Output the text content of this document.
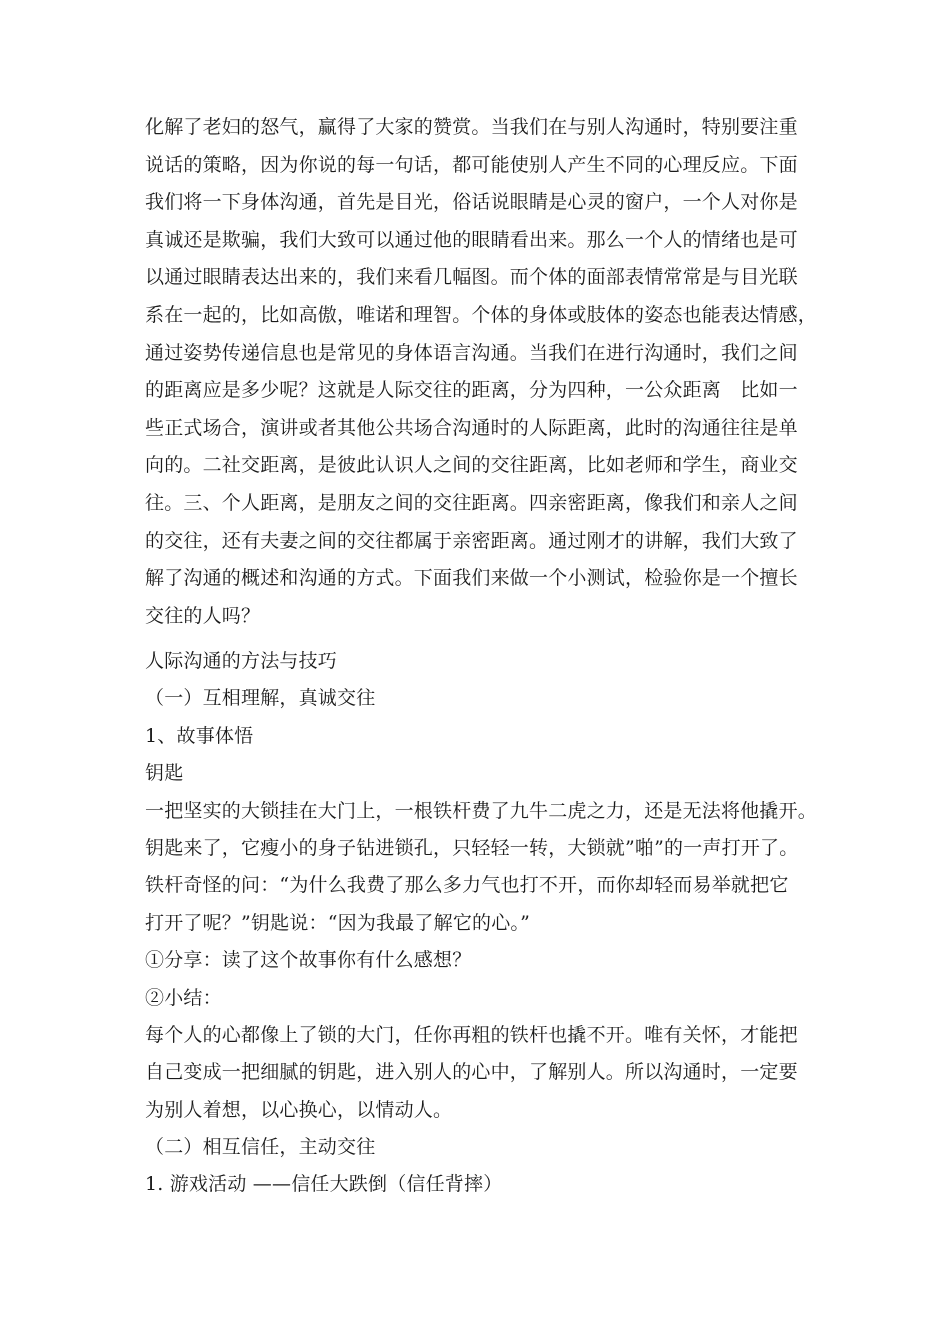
化解了老妇的怒气，赢得了大家的赞赏。当我们在与别人沟通时，特别要注重
说话的策略，因为你说的每一句话，都可能使别人产生不同的心理反应。下面
我们将一下身体沟通，首先是目光，俗话说眼睛是心灵的窗户，一个人对你是
真诚还是欺骗，我们大致可以通过他的眼睛看出来。那么一个人的情绪也是可
以通过眼睛表达出来的，我们来看几幅图。而个体的面部表情常常是与目光联
系在一起的，比如高傲，唯诺和理智。个体的身体或肢体的姿态也能表达情感，
通过姿势传递信息也是常见的身体语言沟通。当我们在进行沟通时，我们之间
的距离应是多少呢？这就是人际交往的距离，分为四种，一公众距离　比如一
些正式场合，演讲或者其他公共场合沟通时的人际距离，此时的沟通往往是单
向的。二社交距离，是彼此认识人之间的交往距离，比如老师和学生，商业交
往。三、个人距离，是朋友之间的交往距离。四亲密距离，像我们和亲人之间
的交往，还有夫妻之间的交往都属于亲密距离。通过刚才的讲解，我们大致了
解了沟通的概述和沟通的方式。下面我们来做一个小测试，检验你是一个擅长
交往的人吗？
人际沟通的方法与技巧
（一）互相理解，真诚交往
1、故事体悟
钥匙
一把坚实的大锁挂在大门上，一根铁杆费了九牛二虎之力，还是无法将他撬开。
钥匙来了，它瘦小的身子钻进锁孔，只轻轻一转，大锁就”啪”的一声打开了。
铁杆奇怪的问：“为什么我费了那么多力气也打不开，而你却轻而易举就把它
打开了呢？”钥匙说：“因为我最了解它的心。”
①分享：读了这个故事你有什么感想？
②小结：
每个人的心都像上了锁的大门，任你再粗的铁杆也撬不开。唯有关怀，才能把
自己变成一把细腻的钥匙，进入别人的心中，了解别人。所以沟通时，一定要
为别人着想，以心换心，以情动人。
（二）相互信任，主动交往
1. 游戏活动 ——信任大跌倒（信任背摔）
